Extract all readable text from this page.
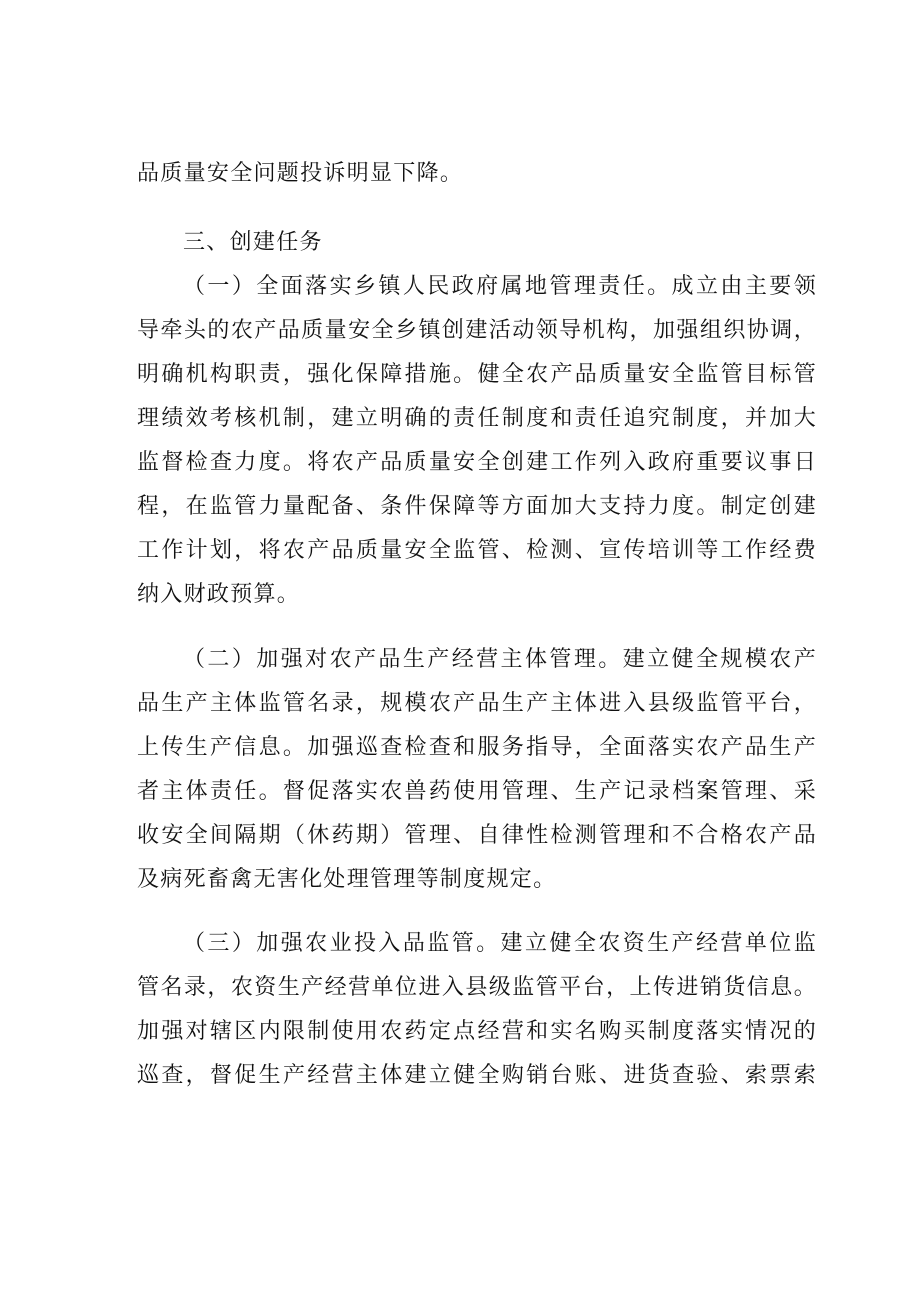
品质量安全问题投诉明显下降。
三、创建任务
（一）全面落实乡镇人民政府属地管理责任。成立由主要领
导牵头的农产品质量安全乡镇创建活动领导机构，加强组织协调，
明确机构职责，强化保障措施。健全农产品质量安全监管目标管
理绩效考核机制，建立明确的责任制度和责任追究制度，并加大
监督检查力度。将农产品质量安全创建工作列入政府重要议事日
程，在监管力量配备、条件保障等方面加大支持力度。制定创建
工作计划，将农产品质量安全监管、检测、宣传培训等工作经费
纳入财政预算。
（二）加强对农产品生产经营主体管理。建立健全规模农产
品生产主体监管名录，规模农产品生产主体进入县级监管平台，
上传生产信息。加强巡查检查和服务指导，全面落实农产品生产
者主体责任。督促落实农兽药使用管理、生产记录档案管理、采
收安全间隔期（休药期）管理、自律性检测管理和不合格农产品
及病死畜禽无害化处理管理等制度规定。
（三）加强农业投入品监管。建立健全农资生产经营单位监
管名录，农资生产经营单位进入县级监管平台，上传进销货信息。
加强对辖区内限制使用农药定点经营和实名购买制度落实情况的
巡查，督促生产经营主体建立健全购销台账、进货查验、索票索
